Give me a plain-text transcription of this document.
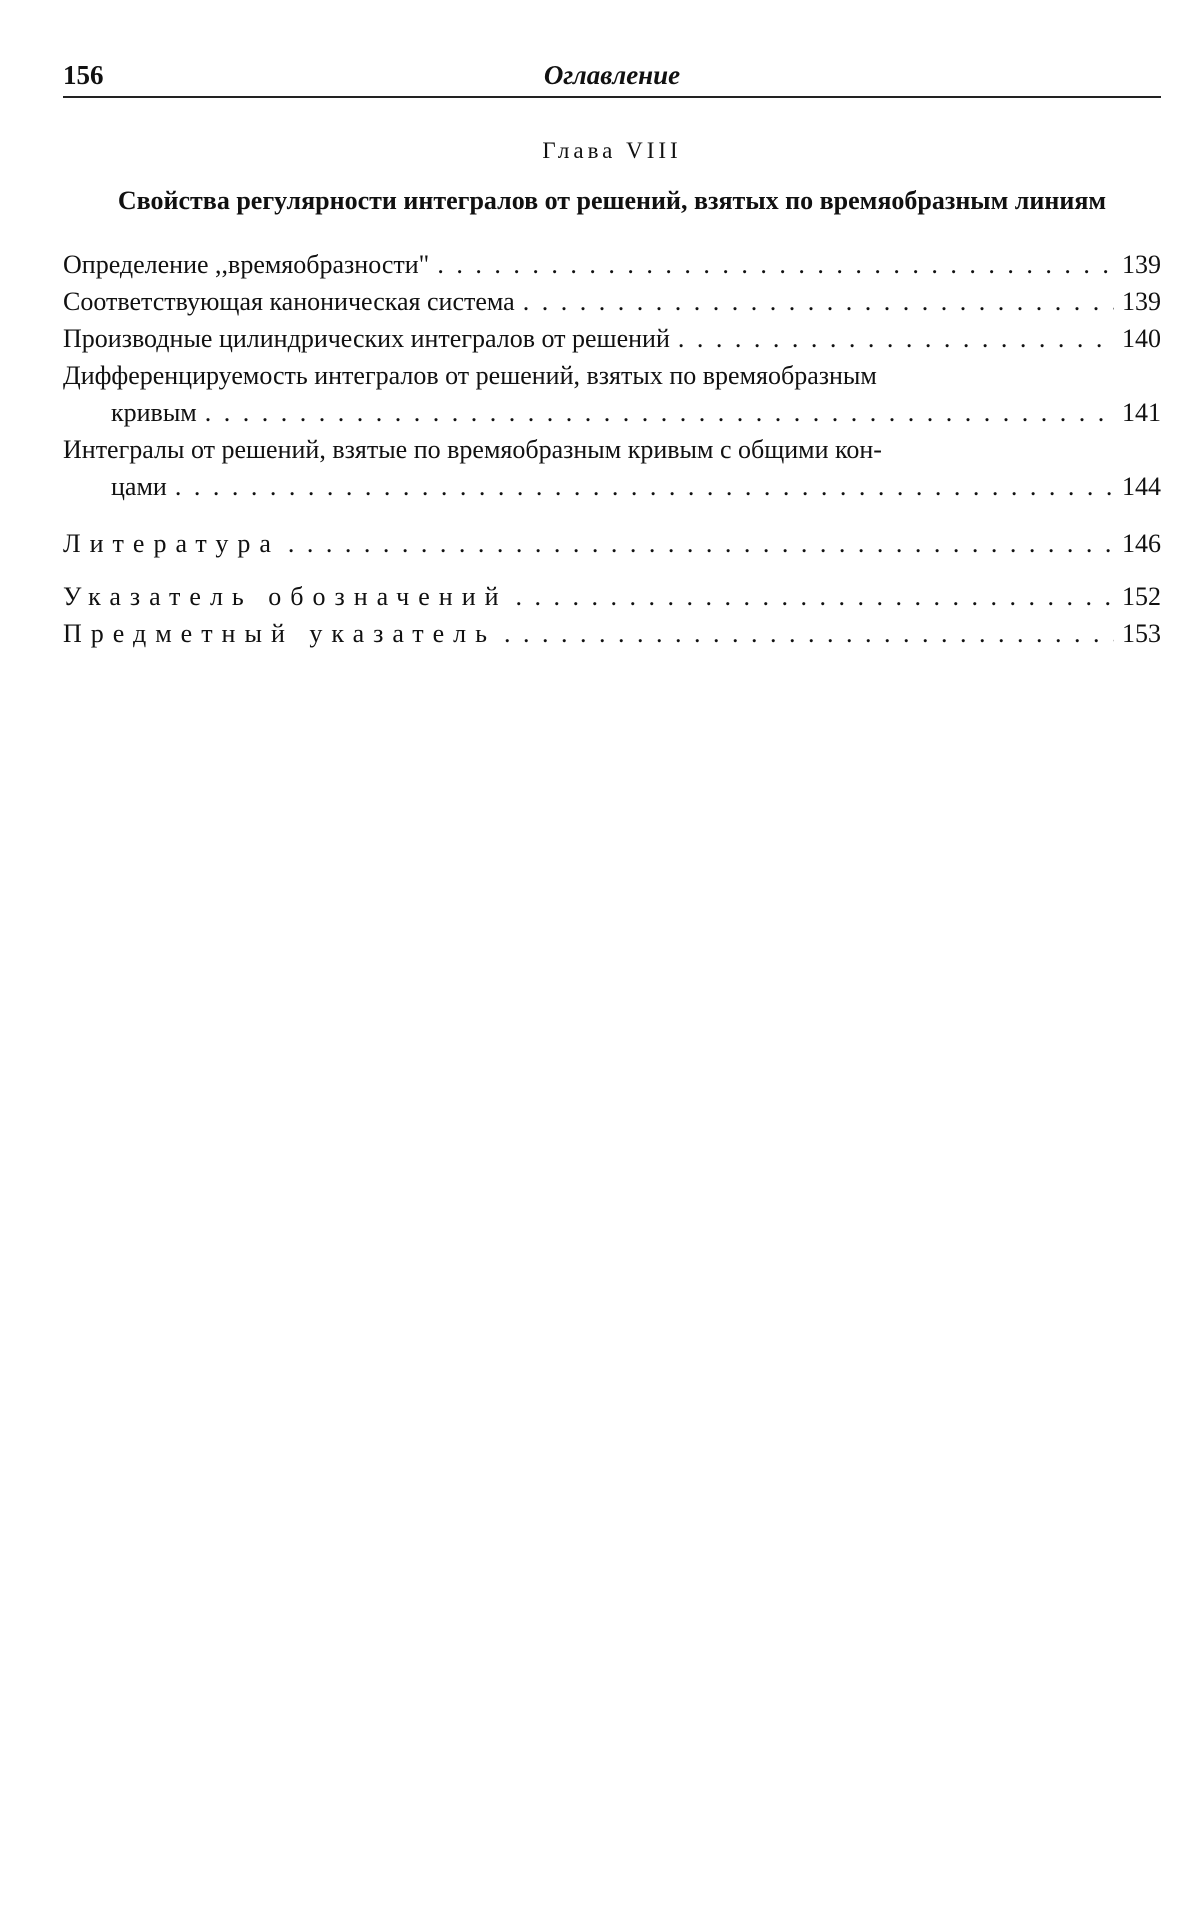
156	Оглавление
Глава VIII
Свойства регулярности интегралов от решений, взятых по времяобразным линиям
Определение ,,времяобразности" . . .	139
Соответствующая каноническая система . . .	139
Производные цилиндрических интегралов от решений . . .	140
Дифференцируемость интегралов от решений, взятых по времяобразным
кривым . . .	141
Интегралы от решений, взятые по времяобразным кривым с общими кон-
цами . . .	144
Литература . . .	146
Указатель обозначений . . .	152
Предметный указатель . . .	153
